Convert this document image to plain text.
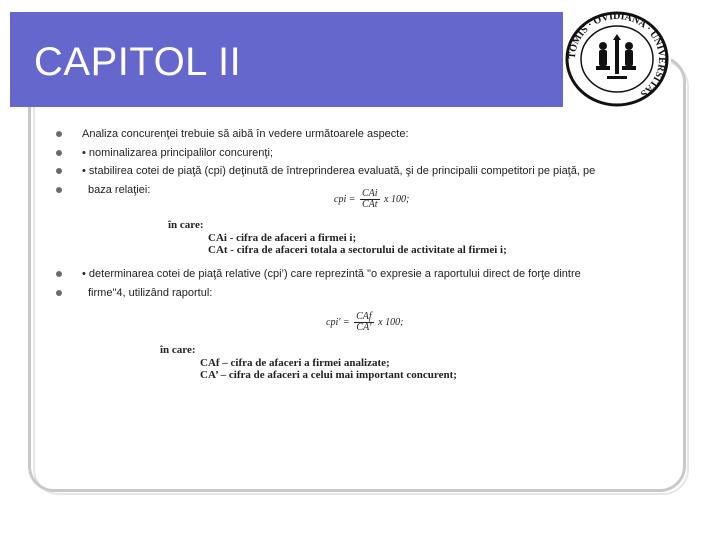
CAPITOL II	TOMIS · OVIDIANA · UNIVERSITAS
Analiza concurenţei trebuie să aibă în vedere următoarele aspecte:
• nominalizarea principalilor concurenţi;
• stabilirea cotei de piaţă (cpi) deţinută de întreprinderea evaluată, şi de principalii competitori pe piaţă, pe
baza relaţiei:
cpi = $\frac{\text{CAi}}{\text{CAt}}$ x 100;
în care:
CAi - cifra de afaceri a firmei i;
CAt - cifra de afaceri totala a sectorului de activitate al firmei i;
• determinarea cotei de piaţă relative (cpi’) care reprezintă "o expresie a raportului direct de forţe dintre
firme"4, utilizând raportul:
$cpi' = \frac{\text{CAf}}{CA'}$ x 100;
în care:
CAf – cifra de afaceri a firmei analizate;
CA’ – cifra de afaceri a celui mai important concurent;
